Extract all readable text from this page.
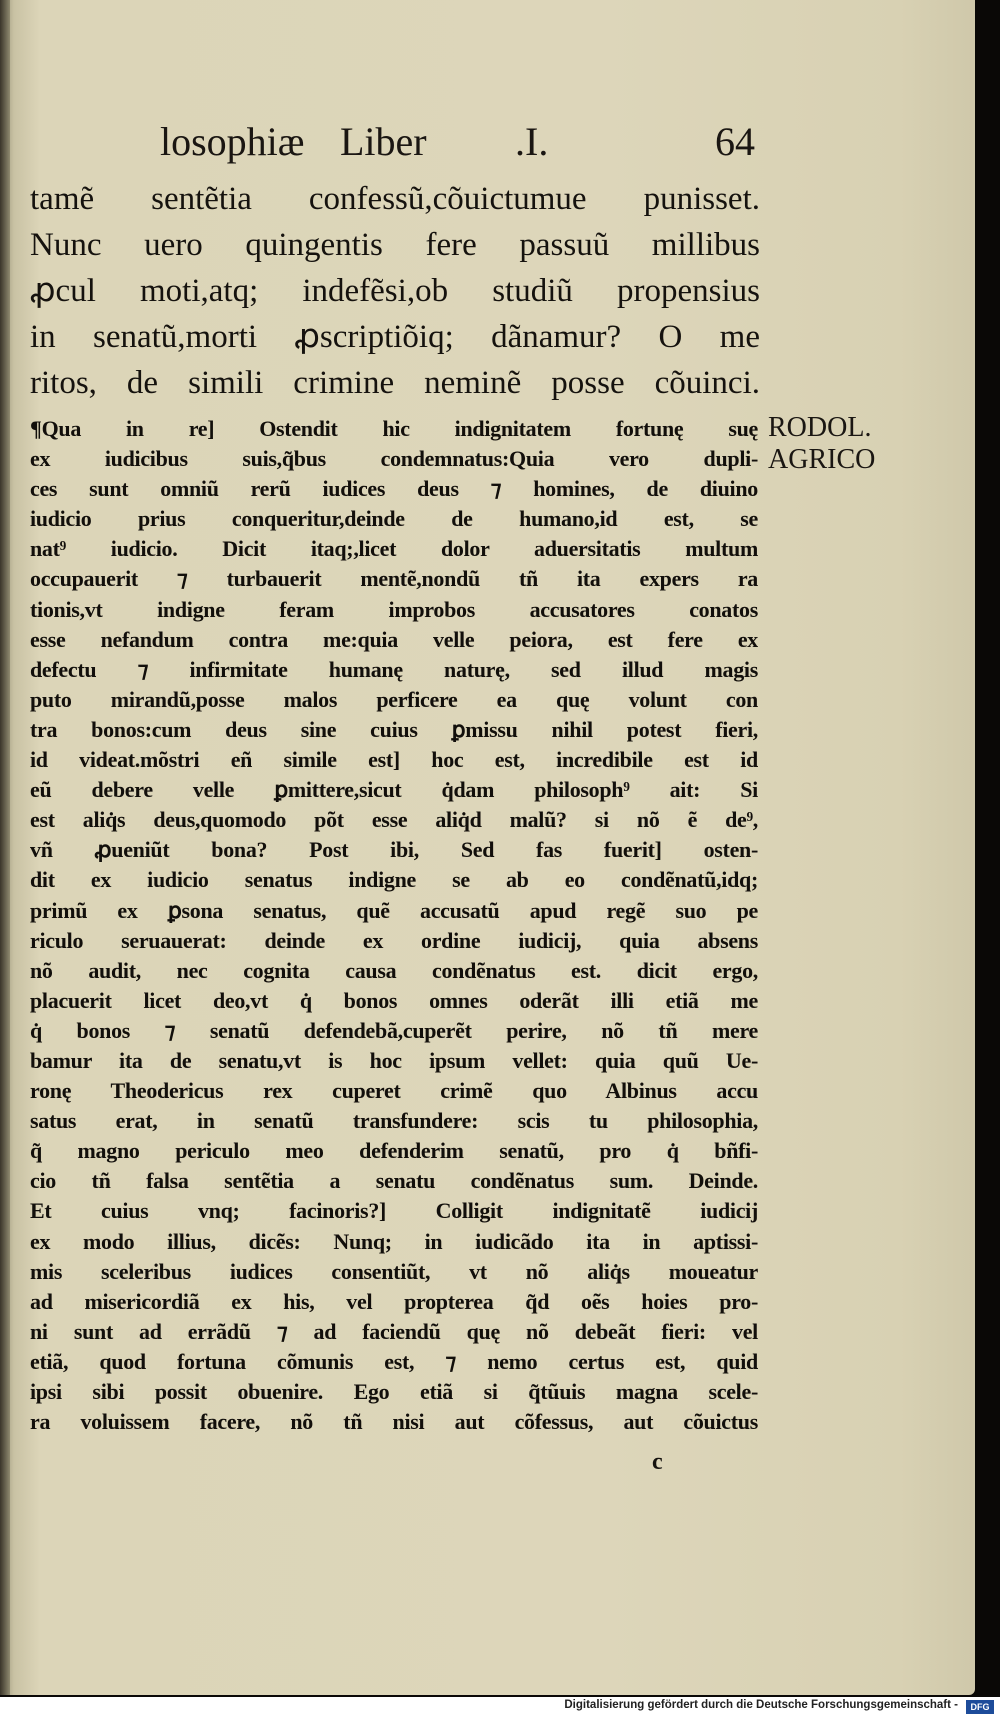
losophiæ Liber .I.	64
tamẽ sentẽtia confessũ,cõuictumue punisset.
Nunc uero quingentis fere passuũ millibus
ꝓcul moti,atq; indefẽsi,ob studiũ propensius
in senatũ,morti ꝓscriptiõiq; dãnamur? O me
ritos, de simili crimine neminẽ posse cõuinci.
¶Qua in re] Ostendit hic indignitatem fortunę suę
ex iudicibus suis,q̃bus condemnatus:Quia vero dupli-
ces sunt omniũ rerũ iudices deus ⁊ homines, de diuino
iudicio prius conqueritur,deinde de humano,id est, se
nat⁹ iudicio. Dicit itaq;,licet dolor aduersitatis multum
occupauerit ⁊ turbauerit mentẽ,nondũ tñ ita expers ra
tionis,vt indigne feram improbos accusatores conatos
esse nefandum contra me:quia velle peiora, est fere ex
defectu ⁊ infirmitate humanę naturę, sed illud magis
puto mirandũ,posse malos perficere ea quę volunt con
tra bonos:cum deus sine cuius ꝑmissu nihil potest fieri,
id videat.mõstri eñ simile est] hoc est, incredibile est id
eũ debere velle ꝑmittere,sicut q̇dam philosoph⁹ ait: Si
est aliq̇s deus,quomodo põt esse aliq̇d malũ? si nõ ẽ de⁹,
vñ ꝓueniũt bona? Post ibi, Sed fas fuerit] osten-
dit ex iudicio senatus indigne se ab eo condẽnatũ,idq;
primũ ex ꝑsona senatus, quẽ accusatũ apud regẽ suo pe
riculo seruauerat: deinde ex ordine iudicij, quia absens
nõ audit, nec cognita causa condẽnatus est. dicit ergo,
placuerit licet deo,vt q̇ bonos omnes oderãt illi etiã me
q̇ bonos ⁊ senatũ defendebã,cuperẽt perire, nõ tñ mere
bamur ita de senatu,vt is hoc ipsum vellet: quia quũ Ue-
ronę Theodericus rex cuperet crimẽ quo Albinus accu
satus erat, in senatũ transfundere: scis tu philosophia,
q̃ magno periculo meo defenderim senatũ, pro q̇ bñfi-
cio tñ falsa sentẽtia a senatu condẽnatus sum. Deinde.
Et cuius vnq; facinoris?] Colligit indignitatẽ iudicij
ex modo illius, dicẽs: Nunq; in iudicãdo ita in aptissi-
mis sceleribus iudices consentiũt, vt nõ aliq̇s moueatur
ad misericordiã ex his, vel propterea q̃d oẽs hoies pro-
ni sunt ad errãdũ ⁊ ad faciendũ quę nõ debeãt fieri: vel
etiã, quod fortuna cõmunis est, ⁊ nemo certus est, quid
ipsi sibi possit obuenire. Ego etiã si q̃tũuis magna scele-
ra voluissem facere, nõ tñ nisi aut cõfessus, aut cõuictus
RODOL.
AGRICO
c
Digitalisierung gefördert durch die Deutsche Forschungsgemeinschaft -	DFG
